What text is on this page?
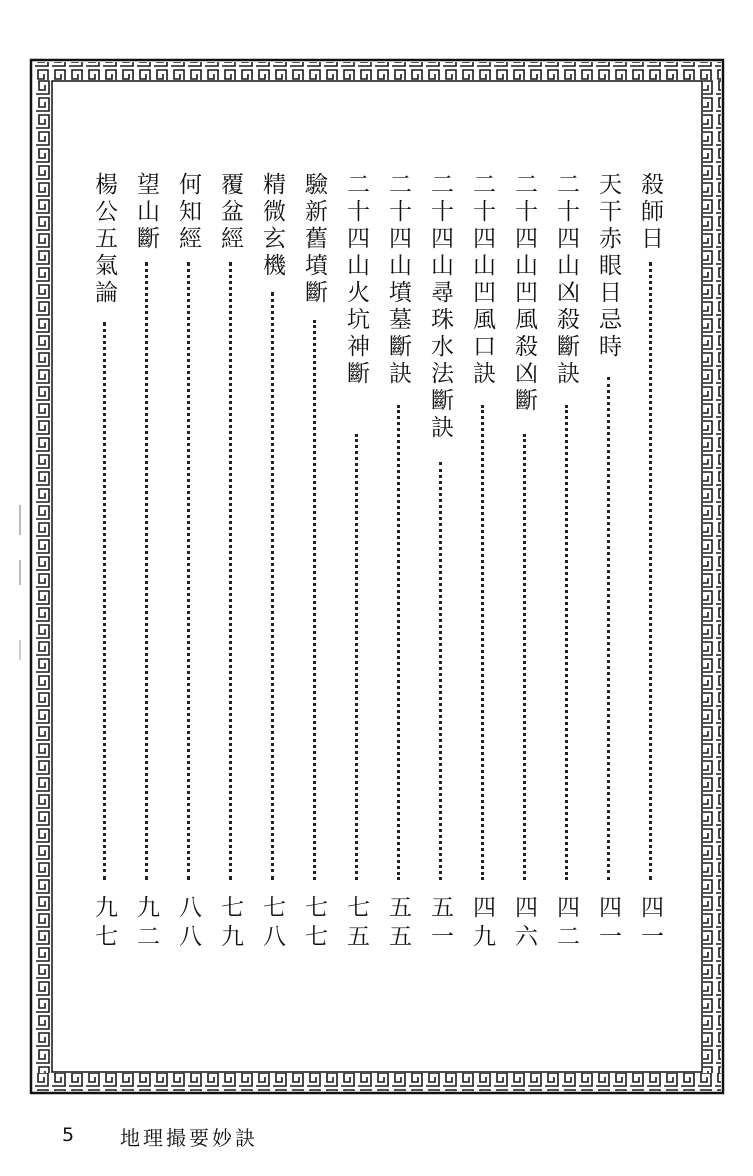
殺師日
四一
天干赤眼日忌時
四一
二十四山凶殺斷訣
四二
二十四山凹風殺凶斷
四六
二十四山凹風口訣
四九
二十四山尋珠水法斷訣
五一
二十四山墳墓斷訣
五五
二十四山火坑神斷
七五
驗新舊墳斷
七七
精微玄機
七八
覆盆經
七九
何知經
八八
望山斷
九二
楊公五氣論
九七
5 地理撮要妙訣
